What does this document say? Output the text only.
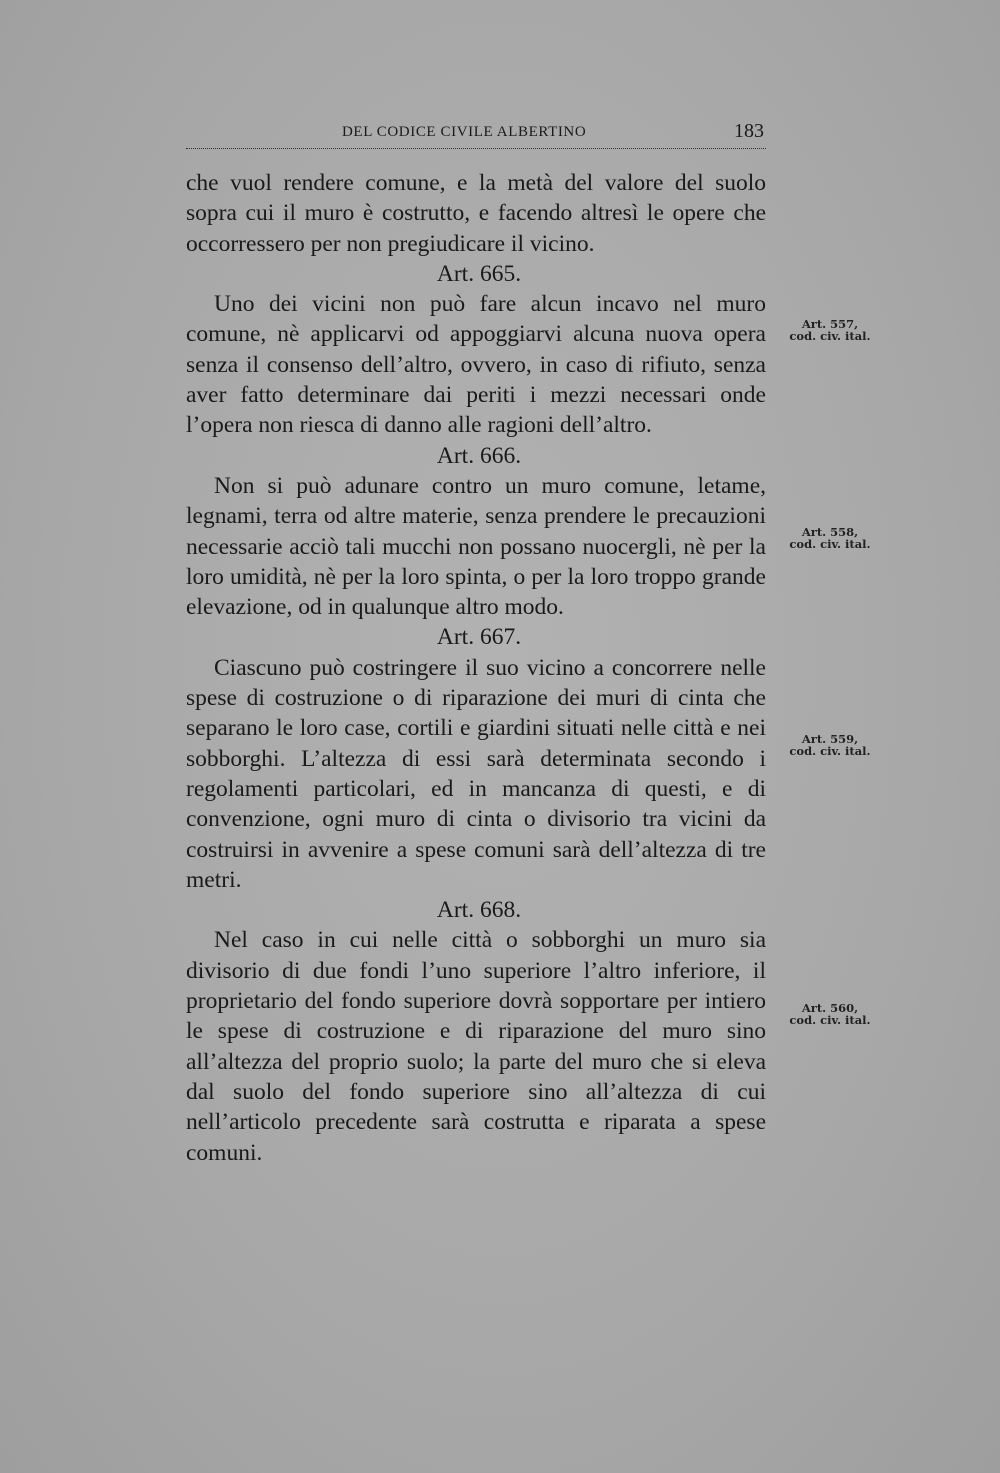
DEL CODICE CIVILE ALBERTINO	183

che vuol rendere comune, e la metà del valore del suolo sopra cui il muro è costrutto, e facendo altresì le opere che occorressero per non pregiudicare il vicino.

Art. 665.

Uno dei vicini non può fare alcun incavo nel muro comune, nè applicarvi od appoggiarvi alcuna nuova opera senza il consenso dell’altro, ovvero, in caso di rifiuto, senza aver fatto determinare dai periti i mezzi necessari onde l’opera non riesca di danno alle ragioni dell’altro.

Art. 666.

Non si può adunare contro un muro comune, letame, legnami, terra od altre materie, senza prendere le precauzioni necessarie acciò tali mucchi non possano nuocergli, nè per la loro umidità, nè per la loro spinta, o per la loro troppo grande elevazione, od in qualunque altro modo.

Art. 667.

Ciascuno può costringere il suo vicino a concorrere nelle spese di costruzione o di riparazione dei muri di cinta che separano le loro case, cortili e giardini situati nelle città e nei sobborghi. L’altezza di essi sarà determinata secondo i regolamenti particolari, ed in mancanza di questi, e di convenzione, ogni muro di cinta o divisorio tra vicini da costruirsi in avvenire a spese comuni sarà dell’altezza di tre metri.

Art. 668.

Nel caso in cui nelle città o sobborghi un muro sia divisorio di due fondi l’uno superiore l’altro inferiore, il proprietario del fondo superiore dovrà sopportare per intiero le spese di costruzione e di riparazione del muro sino all’altezza del proprio suolo; la parte del muro che si eleva dal suolo del fondo superiore sino all’altezza di cui nell’articolo precedente sarà costrutta e riparata a spese comuni.

Art. 557,
cod. civ. ital.
Art. 558,
cod. civ. ital.
Art. 559,
cod. civ. ital.
Art. 560,
cod. civ. ital.
